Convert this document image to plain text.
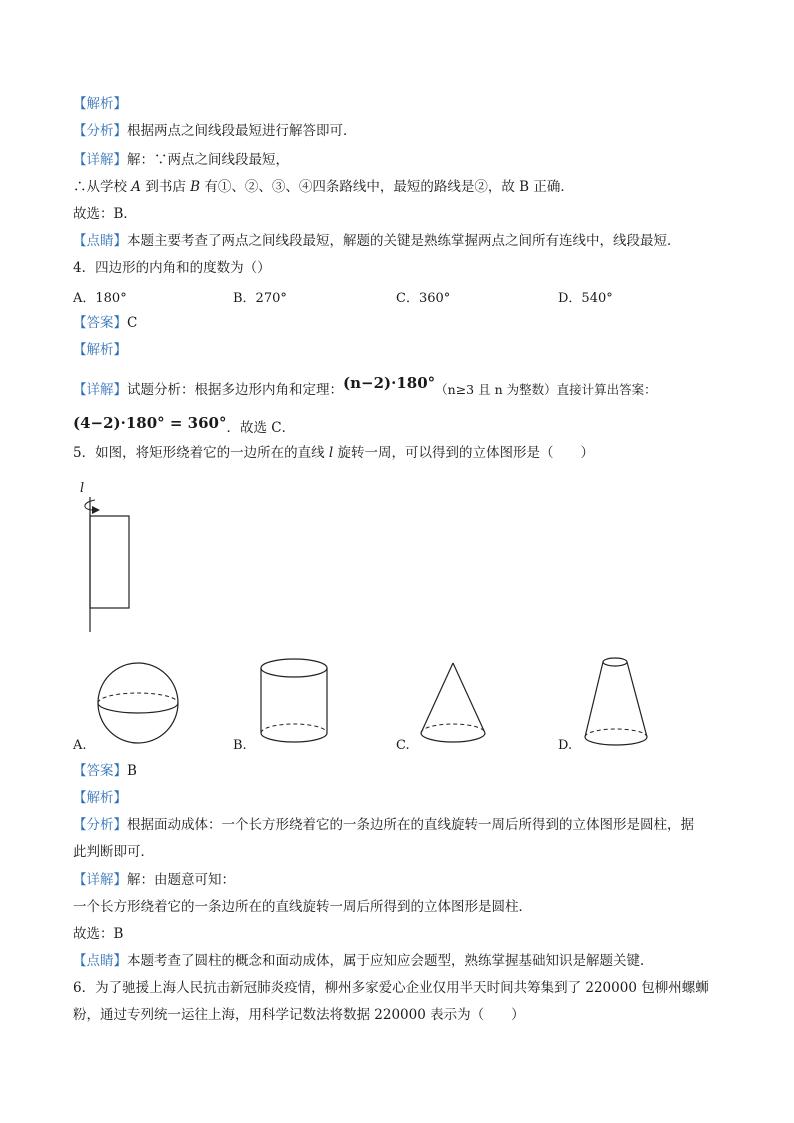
【解析】
【分析】根据两点之间线段最短进行解答即可．
【详解】解：∵两点之间线段最短，
∴从学校 A 到书店 B 有①、②、③、④四条路线中，最短的路线是②，故 B 正确．
故选：B．
【点睛】本题主要考查了两点之间线段最短，解题的关键是熟练掌握两点之间所有连线中，线段最短．
4．四边形的内角和的度数为（）
A．180°	B．270°	C．360°	D．540°
【答案】C
【解析】
【详解】试题分析：根据多边形内角和定理：(n−2)·180°（n≥3 且 n 为整数）直接计算出答案：
(4−2)·180° = 360°．故选 C．
5．如图，将矩形绕着它的一边所在的直线 l 旋转一周，可以得到的立体图形是（　　）
l
A.	B.	C.	D.
【答案】B
【解析】
【分析】根据面动成体：一个长方形绕着它的一条边所在的直线旋转一周后所得到的立体图形是圆柱，据
此判断即可．
【详解】解：由题意可知：
一个长方形绕着它的一条边所在的直线旋转一周后所得到的立体图形是圆柱．
故选：B
【点睛】本题考查了圆柱的概念和面动成体，属于应知应会题型，熟练掌握基础知识是解题关键．
6．为了驰援上海人民抗击新冠肺炎疫情，柳州多家爱心企业仅用半天时间共筹集到了 220000 包柳州螺蛳
粉，通过专列统一运往上海，用科学记数法将数据 220000 表示为（　　）
